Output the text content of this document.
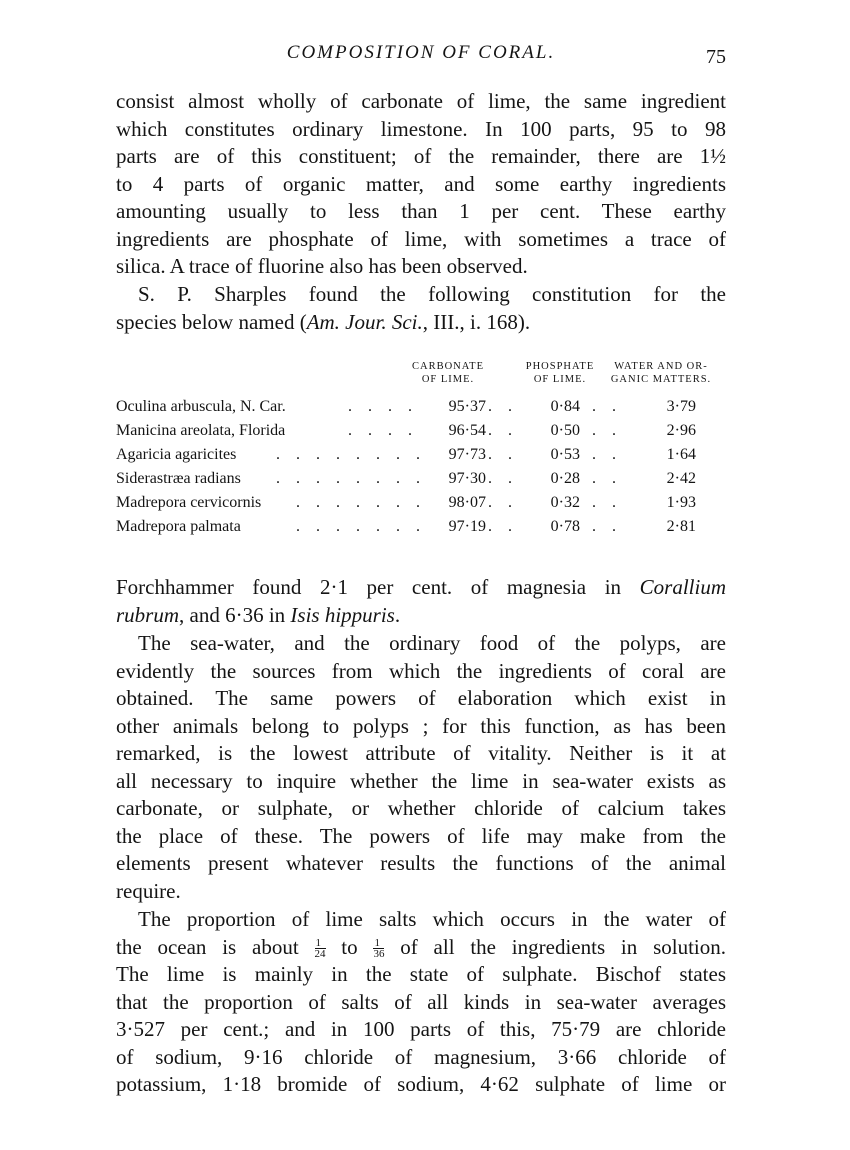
COMPOSITION OF CORAL.	75
consist almost wholly of carbonate of lime, the same ingredient
which constitutes ordinary limestone. In 100 parts, 95 to 98
parts are of this constituent; of the remainder, there are 1½
to 4 parts of organic matter, and some earthy ingredients
amounting usually to less than 1 per cent. These earthy
ingredients are phosphate of lime, with sometimes a trace of
silica. A trace of fluorine also has been observed.
S. P. Sharples found the following constitution for the
species below named (Am. Jour. Sci., III., i. 168).
CARBONATE
OF LIME.
PHOSPHATE
OF LIME.
WATER AND OR-
GANIC MATTERS.
Oculina arbuscula, N. Car.	. . . .	95·37 . .	0·84 . .	3·79
Manicina areolata, Florida	. . . .	96·54 . .	0·50 . .	2·96
Agaricia agaricites	. . . . . . . .	97·73 . .	0·53 . .	1·64
Siderastræa radians	. . . . . . . .	97·30 . .	0·28 . .	2·42
Madrepora cervicornis	. . . . . . .	98·07 . .	0·32 . .	1·93
Madrepora palmata	. . . . . . .	97·19 . .	0·78 . .	2·81
Forchhammer found 2·1 per cent. of magnesia in Corallium
rubrum, and 6·36 in Isis hippuris.
The sea-water, and the ordinary food of the polyps, are
evidently the sources from which the ingredients of coral are
obtained. The same powers of elaboration which exist in
other animals belong to polyps ; for this function, as has been
remarked, is the lowest attribute of vitality. Neither is it at
all necessary to inquire whether the lime in sea-water exists as
carbonate, or sulphate, or whether chloride of calcium takes
the place of these. The powers of life may make from the
elements present whatever results the functions of the animal
require.
The proportion of lime salts which occurs in the water of
the ocean is about $\frac{1}{24}$ to $\frac{1}{36}$ of all the ingredients in solution.
The lime is mainly in the state of sulphate. Bischof states
that the proportion of salts of all kinds in sea-water averages
3·527 per cent.; and in 100 parts of this, 75·79 are chloride
of sodium, 9·16 chloride of magnesium, 3·66 chloride of
potassium, 1·18 bromide of sodium, 4·62 sulphate of lime or
